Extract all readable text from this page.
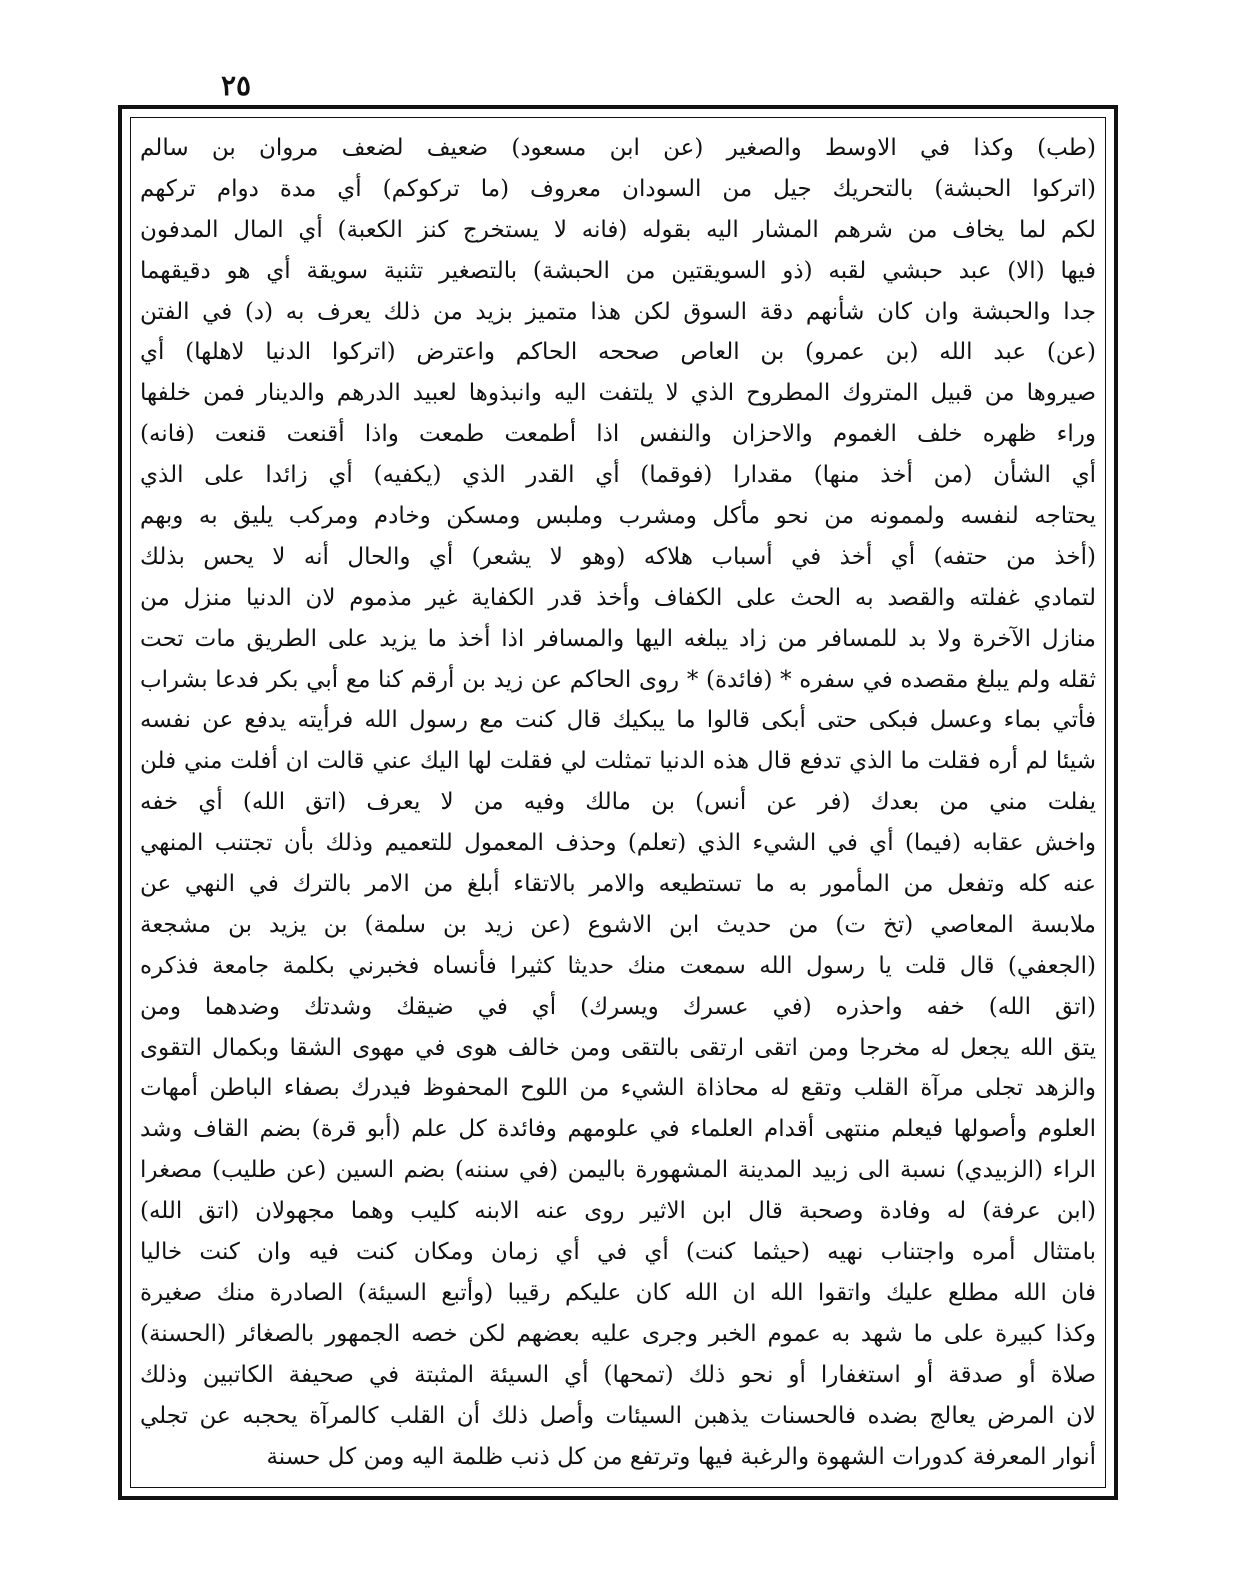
٢٥
(طب) وكذا في الاوسط والصغير (عن ابن مسعود) ضعيف لضعف مروان بن سالم
(اتركوا الحبشة) بالتحريك جيل من السودان معروف (ما تركوكم) أي مدة دوام تركهم
لكم لما يخاف من شرهم المشار اليه بقوله (فانه لا يستخرج كنز الكعبة) أي المال المدفون
فيها (الا) عبد حبشي لقبه (ذو السويقتين من الحبشة) بالتصغير تثنية سويقة أي هو دقيقهما
جدا والحبشة وان كان شأنهم دقة السوق لكن هذا متميز بزيد من ذلك يعرف به (د) في الفتن
(عن) عبد الله (بن عمرو) بن العاص صححه الحاكم واعترض (اتركوا الدنيا لاهلها) أي
صيروها من قبيل المتروك المطروح الذي لا يلتفت اليه وانبذوها لعبيد الدرهم والدينار فمن خلفها
وراء ظهره خلف الغموم والاحزان والنفس اذا أطمعت طمعت واذا أقنعت قنعت (فانه)
أي الشأن (من أخذ منها) مقدارا (فوقما) أي القدر الذي (يكفيه) أي زائدا على الذي
يحتاجه لنفسه ولممونه من نحو مأكل ومشرب وملبس ومسكن وخادم ومركب يليق به وبهم
(أخذ من حتفه) أي أخذ في أسباب هلاكه (وهو لا يشعر) أي والحال أنه لا يحس بذلك
لتمادي غفلته والقصد به الحث على الكفاف وأخذ قدر الكفاية غير مذموم لان الدنيا منزل من
منازل الآخرة ولا بد للمسافر من زاد يبلغه اليها والمسافر اذا أخذ ما يزيد على الطريق مات تحت
ثقله ولم يبلغ مقصده في سفره * (فائدة) * روى الحاكم عن زيد بن أرقم كنا مع أبي بكر فدعا بشراب
فأتي بماء وعسل فبكى حتى أبكى قالوا ما يبكيك قال كنت مع رسول الله فرأيته يدفع عن نفسه
شيئا لم أره فقلت ما الذي تدفع قال هذه الدنيا تمثلت لي فقلت لها اليك عني قالت ان أفلت مني فلن
يفلت مني من بعدك (فر عن أنس) بن مالك وفيه من لا يعرف (اتق الله) أي خفه
واخش عقابه (فيما) أي في الشيء الذي (تعلم) وحذف المعمول للتعميم وذلك بأن تجتنب المنهي
عنه كله وتفعل من المأمور به ما تستطيعه والامر بالاتقاء أبلغ من الامر بالترك في النهي عن
ملابسة المعاصي (تخ ت) من حديث ابن الاشوع (عن زيد بن سلمة) بن يزيد بن مشجعة
(الجعفي) قال قلت يا رسول الله سمعت منك حديثا كثيرا فأنساه فخبرني بكلمة جامعة فذكره
(اتق الله) خفه واحذره (في عسرك ويسرك) أي في ضيقك وشدتك وضدهما ومن
يتق الله يجعل له مخرجا ومن اتقى ارتقى بالتقى ومن خالف هوى في مهوى الشقا وبكمال التقوى
والزهد تجلى مرآة القلب وتقع له محاذاة الشيء من اللوح المحفوظ فيدرك بصفاء الباطن أمهات
العلوم وأصولها فيعلم منتهى أقدام العلماء في علومهم وفائدة كل علم (أبو قرة) بضم القاف وشد
الراء (الزبيدي) نسبة الى زبيد المدينة المشهورة باليمن (في سننه) بضم السين (عن طليب) مصغرا
(ابن عرفة) له وفادة وصحبة قال ابن الاثير روى عنه الابنه كليب وهما مجهولان (اتق الله)
بامتثال أمره واجتناب نهيه (حيثما كنت) أي في أي زمان ومكان كنت فيه وان كنت خاليا
فان الله مطلع عليك واتقوا الله ان الله كان عليكم رقيبا (وأتبع السيئة) الصادرة منك صغيرة
وكذا كبيرة على ما شهد به عموم الخبر وجرى عليه بعضهم لكن خصه الجمهور بالصغائر (الحسنة)
صلاة أو صدقة أو استغفارا أو نحو ذلك (تمحها) أي السيئة المثبتة في صحيفة الكاتبين وذلك
لان المرض يعالج بضده فالحسنات يذهبن السيئات وأصل ذلك أن القلب كالمرآة يحجبه عن تجلي
أنوار المعرفة كدورات الشهوة والرغبة فيها وترتفع من كل ذنب ظلمة اليه ومن كل حسنة
